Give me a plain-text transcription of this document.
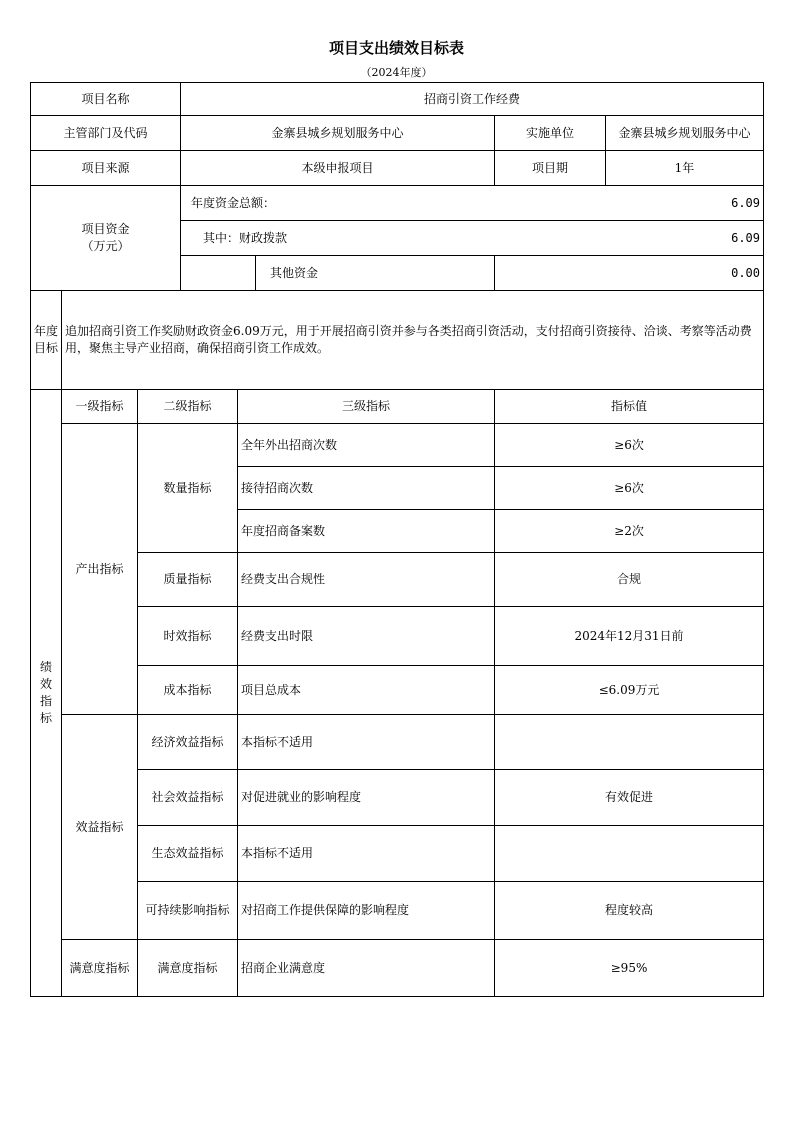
项目支出绩效目标表
（2024年度）
项目名称	招商引资工作经费
主管部门及代码	金寨县城乡规划服务中心	实施单位	金寨县城乡规划服务中心
项目来源	本级申报项目	项目期	1年
项目资金
（万元）
年度资金总额：	6.09
其中：财政拨款	6.09
其他资金	0.00
年度
目标
追加招商引资工作奖励财政资金6.09万元，用于开展招商引资并参与各类招商引资活动，支付招商引资接待、洽谈、考察等活动费用，聚焦主导产业招商，确保招商引资工作成效。
绩
效
指
标
一级指标	二级指标	三级指标	指标值
产出指标
数量指标
全年外出招商次数	≥6次
接待招商次数	≥6次
年度招商备案数	≥2次
质量指标	经费支出合规性	合规
时效指标	经费支出时限	2024年12月31日前
成本指标	项目总成本	≤6.09万元
效益指标
经济效益指标	本指标不适用
社会效益指标	对促进就业的影响程度	有效促进
生态效益指标	本指标不适用
可持续影响指标 对招商工作提供保障的影响程度	程度较高
满意度指标	满意度指标	招商企业满意度	≥95%
